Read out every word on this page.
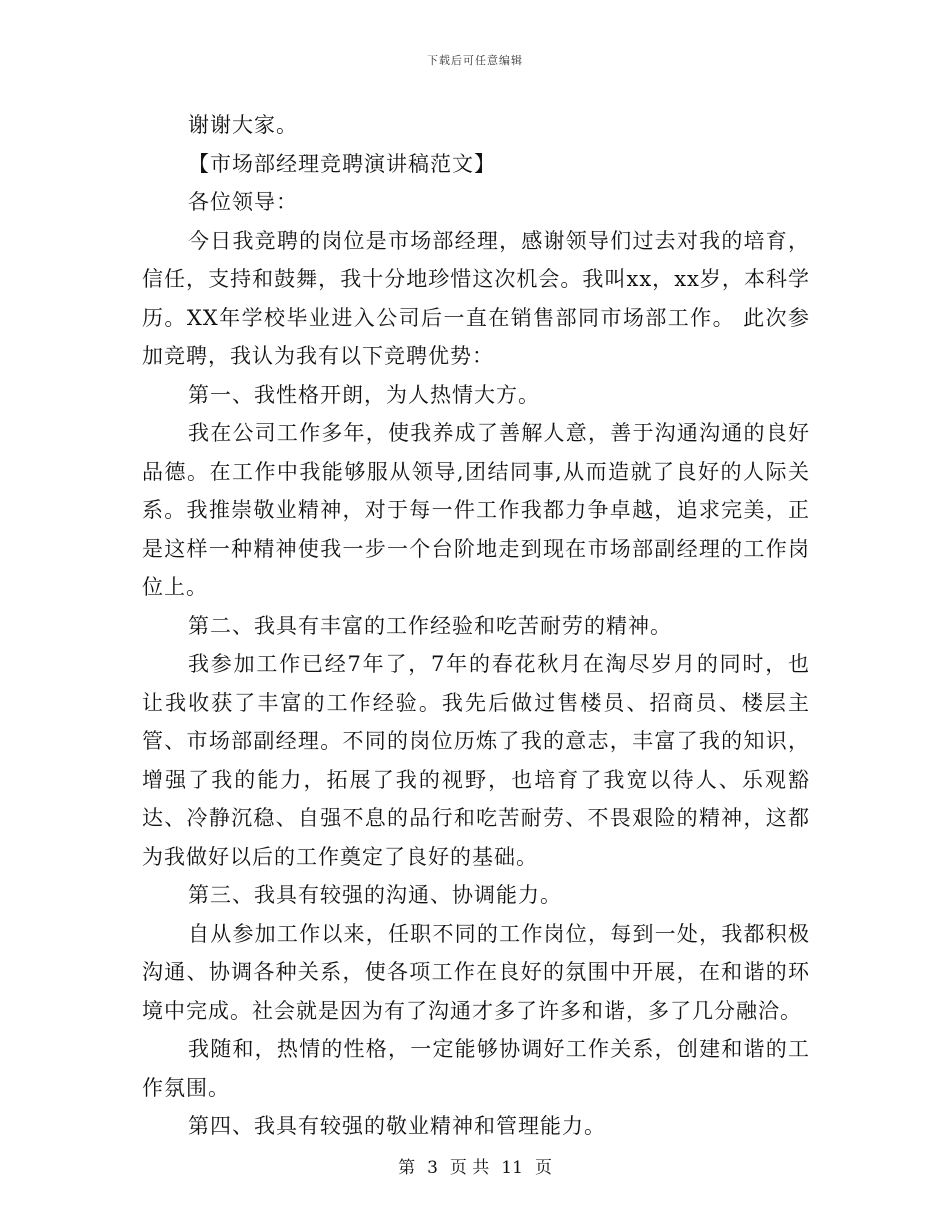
下载后可任意编辑

谢谢大家。

【市场部经理竞聘演讲稿范文】

各位领导：

今日我竞聘的岗位是市场部经理，感谢领导们过去对我的培育，信任，支持和鼓舞，我十分地珍惜这次机会。我叫xx，xx岁，本科学历。XX年学校毕业进入公司后一直在销售部同市场部工作。 此次参加竞聘，我认为我有以下竞聘优势：

第一、我性格开朗，为人热情大方。

我在公司工作多年，使我养成了善解人意，善于沟通沟通的良好品德。在工作中我能够服从领导,团结同事,从而造就了良好的人际关系。我推崇敬业精神，对于每一件工作我都力争卓越，追求完美，正是这样一种精神使我一步一个台阶地走到现在市场部副经理的工作岗位上。

第二、我具有丰富的工作经验和吃苦耐劳的精神。

我参加工作已经7年了，7年的春花秋月在淘尽岁月的同时，也让我收获了丰富的工作经验。我先后做过售楼员、招商员、楼层主管、市场部副经理。不同的岗位历炼了我的意志，丰富了我的知识，增强了我的能力，拓展了我的视野，也培育了我宽以待人、乐观豁达、冷静沉稳、自强不息的品行和吃苦耐劳、不畏艰险的精神，这都为我做好以后的工作奠定了良好的基础。

第三、我具有较强的沟通、协调能力。

自从参加工作以来，任职不同的工作岗位，每到一处，我都积极沟通、协调各种关系，使各项工作在良好的氛围中开展，在和谐的环境中完成。社会就是因为有了沟通才多了许多和谐，多了几分融洽。

我随和，热情的性格，一定能够协调好工作关系，创建和谐的工作氛围。

第四、我具有较强的敬业精神和管理能力。

第 3 页 共 11 页
